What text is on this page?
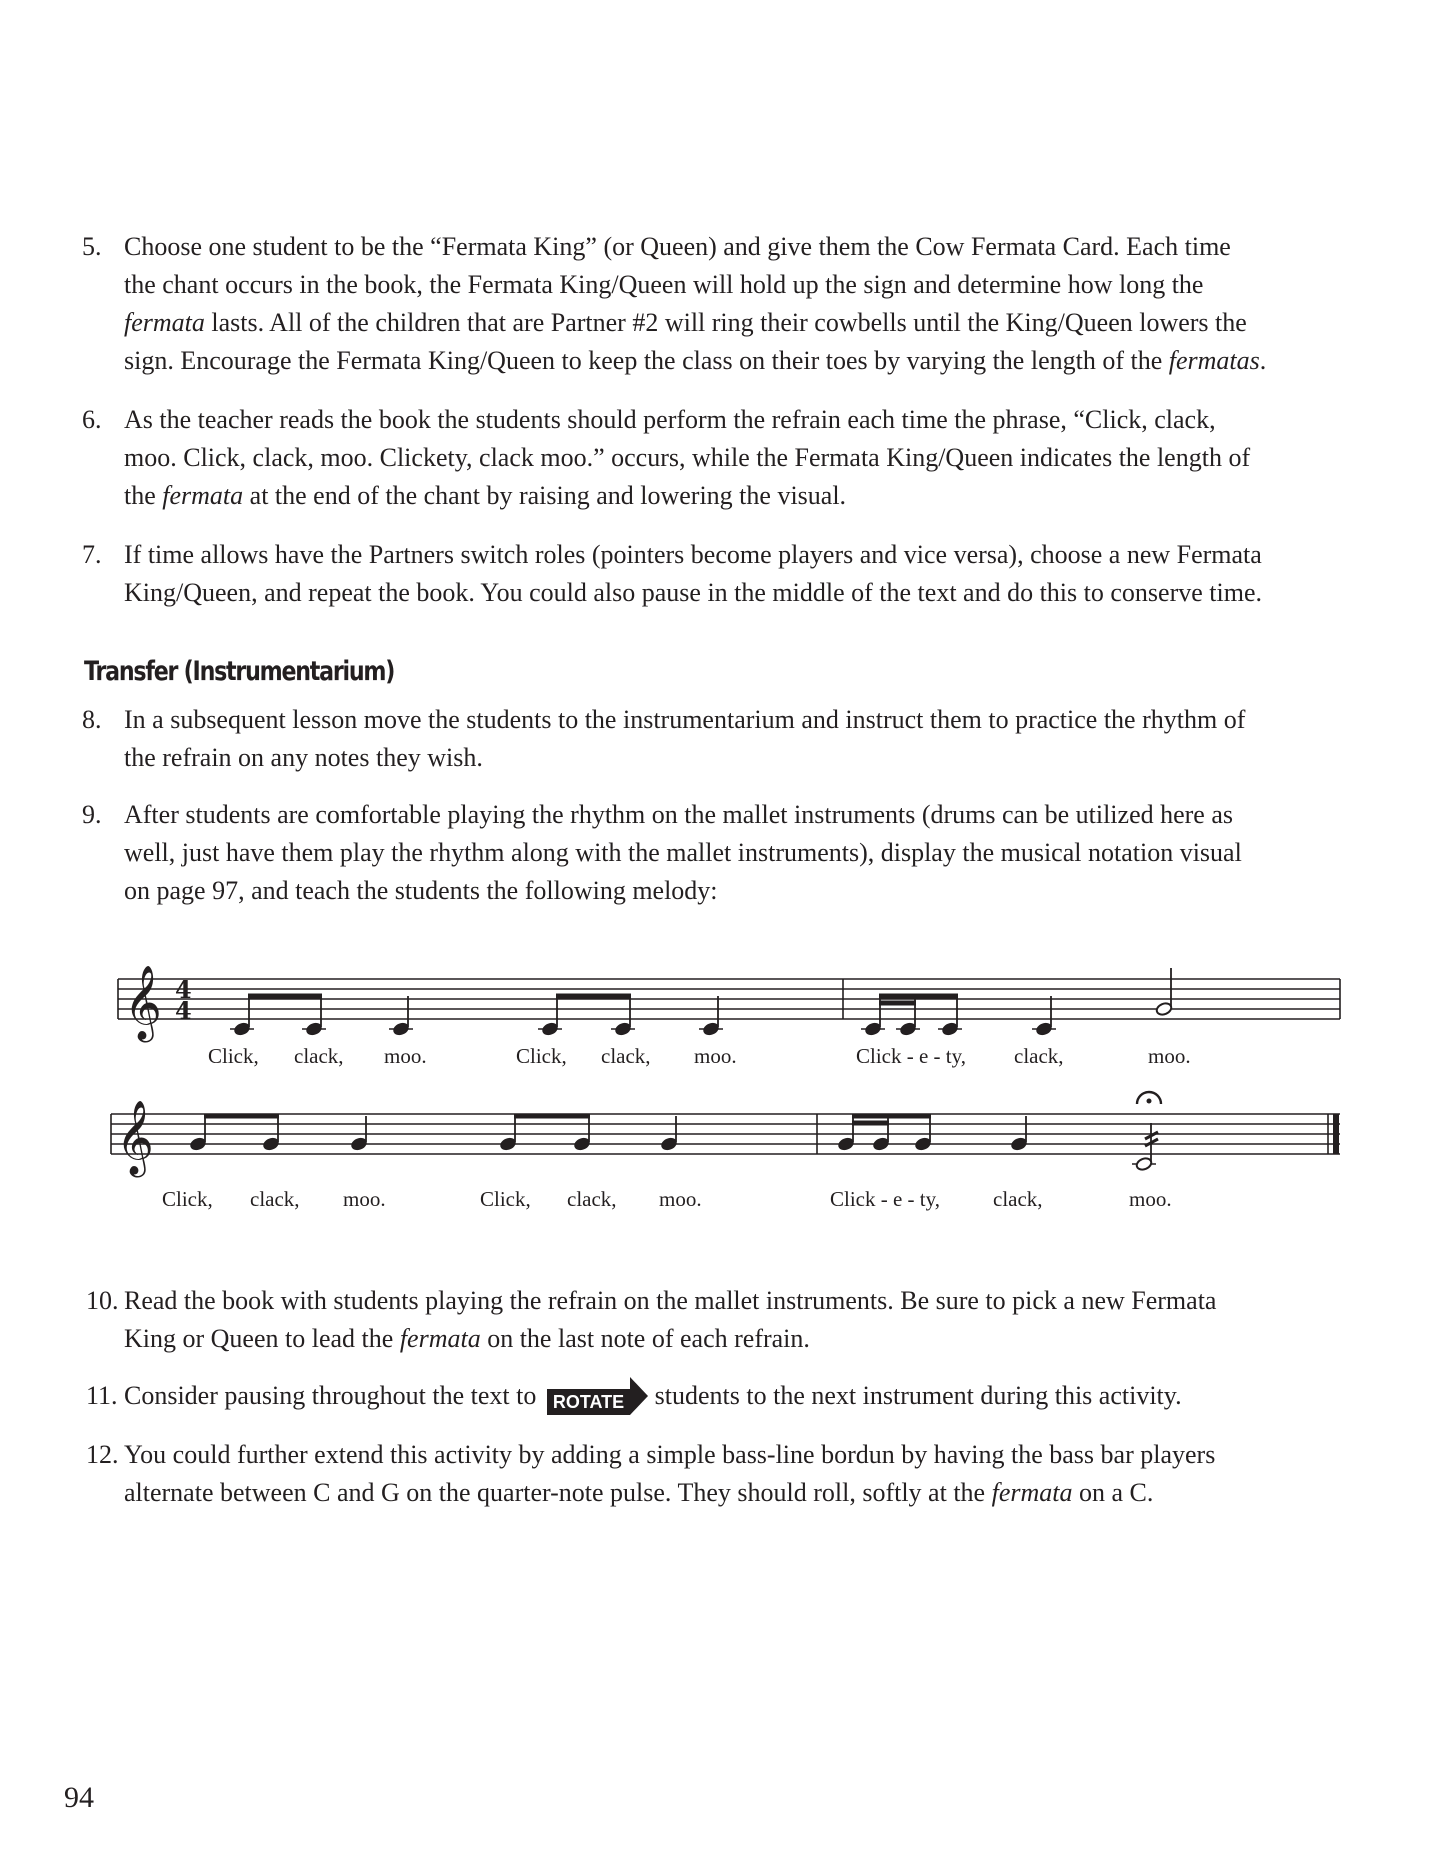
5. Choose one student to be the “Fermata King” (or Queen) and give them the Cow Fermata Card. Each time
the chant occurs in the book, the Fermata King/Queen will hold up the sign and determine how long the
fermata lasts. All of the children that are Partner #2 will ring their cowbells until the King/Queen lowers the
sign. Encourage the Fermata King/Queen to keep the class on their toes by varying the length of the fermatas.
6. As the teacher reads the book the students should perform the refrain each time the phrase, “Click, clack,
moo. Click, clack, moo. Clickety, clack moo.” occurs, while the Fermata King/Queen indicates the length of
the fermata at the end of the chant by raising and lowering the visual.
7. If time allows have the Partners switch roles (pointers become players and vice versa), choose a new Fermata
King/Queen, and repeat the book. You could also pause in the middle of the text and do this to conserve time.
Transfer (Instrumentarium)
8. In a subsequent lesson move the students to the instrumentarium and instruct them to practice the rhythm of
the refrain on any notes they wish.
9. After students are comfortable playing the rhythm on the mallet instruments (drums can be utilized here as
well, just have them play the rhythm along with the mallet instruments), display the musical notation visual
on page 97, and teach the students the following melody:
𝄞 4
4
𝄞
Click, clack, moo.	Click, clack, moo.	Click - e - ty, clack,	moo.
Click, clack, moo.	Click, clack, moo.	Click - e - ty,	clack,	moo.
10. Read the book with students playing the refrain on the mallet instruments. Be sure to pick a new Fermata
King or Queen to lead the fermata on the last note of each refrain.
11. Consider pausing throughout the text to ROTATE students to the next instrument during this activity.
12. You could further extend this activity by adding a simple bass-line bordun by having the bass bar players
alternate between C and G on the quarter-note pulse. They should roll, softly at the fermata on a C.
94
